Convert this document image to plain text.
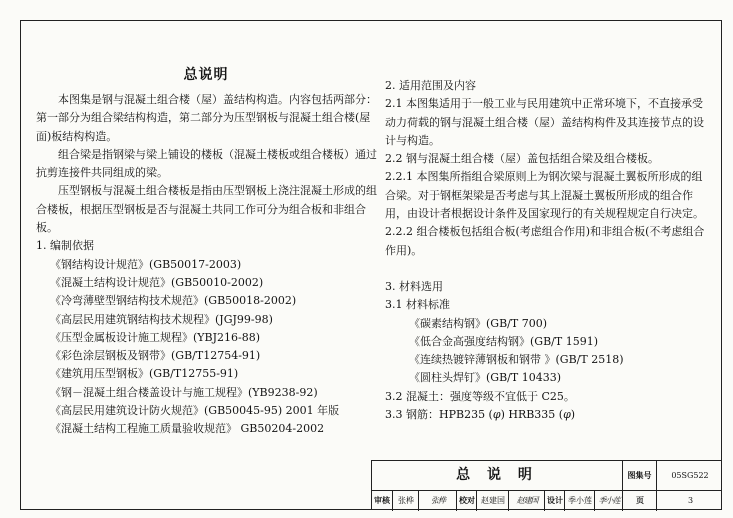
总说明

本图集是钢与混凝土组合楼（屋）盖结构构造。内容包括两部分：第一部分为组合梁结构构造，第二部分为压型钢板与混凝土组合楼(屋面)板结构构造。

组合梁是指钢梁与梁上铺设的楼板（混凝土楼板或组合楼板）通过抗剪连接件共同组成的梁。

压型钢板与混凝土组合楼板是指由压型钢板上浇注混凝土形成的组合楼板，根据压型钢板是否与混凝土共同工作可分为组合板和非组合板。

1. 编制依据

《钢结构设计规范》(GB50017-2003)
《混凝土结构设计规范》(GB50010-2002)
《冷弯薄壁型钢结构技术规范》(GB50018-2002)
《高层民用建筑钢结构技术规程》(JGJ99-98)
《压型金属板设计施工规程》(YBJ216-88)
《彩色涂层钢板及钢带》(GB/T12754-91)
《建筑用压型钢板》(GB/T12755-91)
《钢－混凝土组合楼盖设计与施工规程》(YB9238-92)
《高层民用建筑设计防火规范》(GB50045-95) 2001 年版
《混凝土结构工程施工质量验收规范》 GB50204-2002

2. 适用范围及内容

2.1 本图集适用于一般工业与民用建筑中正常环境下，不直接承受动力荷载的钢与混凝土组合楼（屋）盖结构构件及其连接节点的设计与构造。

2.2 钢与混凝土组合楼（屋）盖包括组合梁及组合楼板。

2.2.1 本图集所指组合梁原则上为钢次梁与混凝土翼板所形成的组合梁。对于钢框架梁是否考虑与其上混凝土翼板所形成的组合作用，由设计者根据设计条件及国家现行的有关规程规定自行决定。

2.2.2 组合楼板包括组合板(考虑组合作用)和非组合板(不考虑组合作用)。

3. 材料选用

3.1 材料标准

《碳素结构钢》(GB/T 700)
《低合金高强度结构钢》(GB/T 1591)
《连续热镀锌薄钢板和钢带 》(GB/T 2518)
《圆柱头焊钉》(GB/T 10433)

3.2 混凝土：强度等级不宜低于 C25。

3.3 钢筋：HPB235 (φ) HRB335 (φ)

总 说 明	图集号	05SG522
审核	张桦	张桦	校对 赵建国	赵建国	设计 季小莲 季小莲	页	3
